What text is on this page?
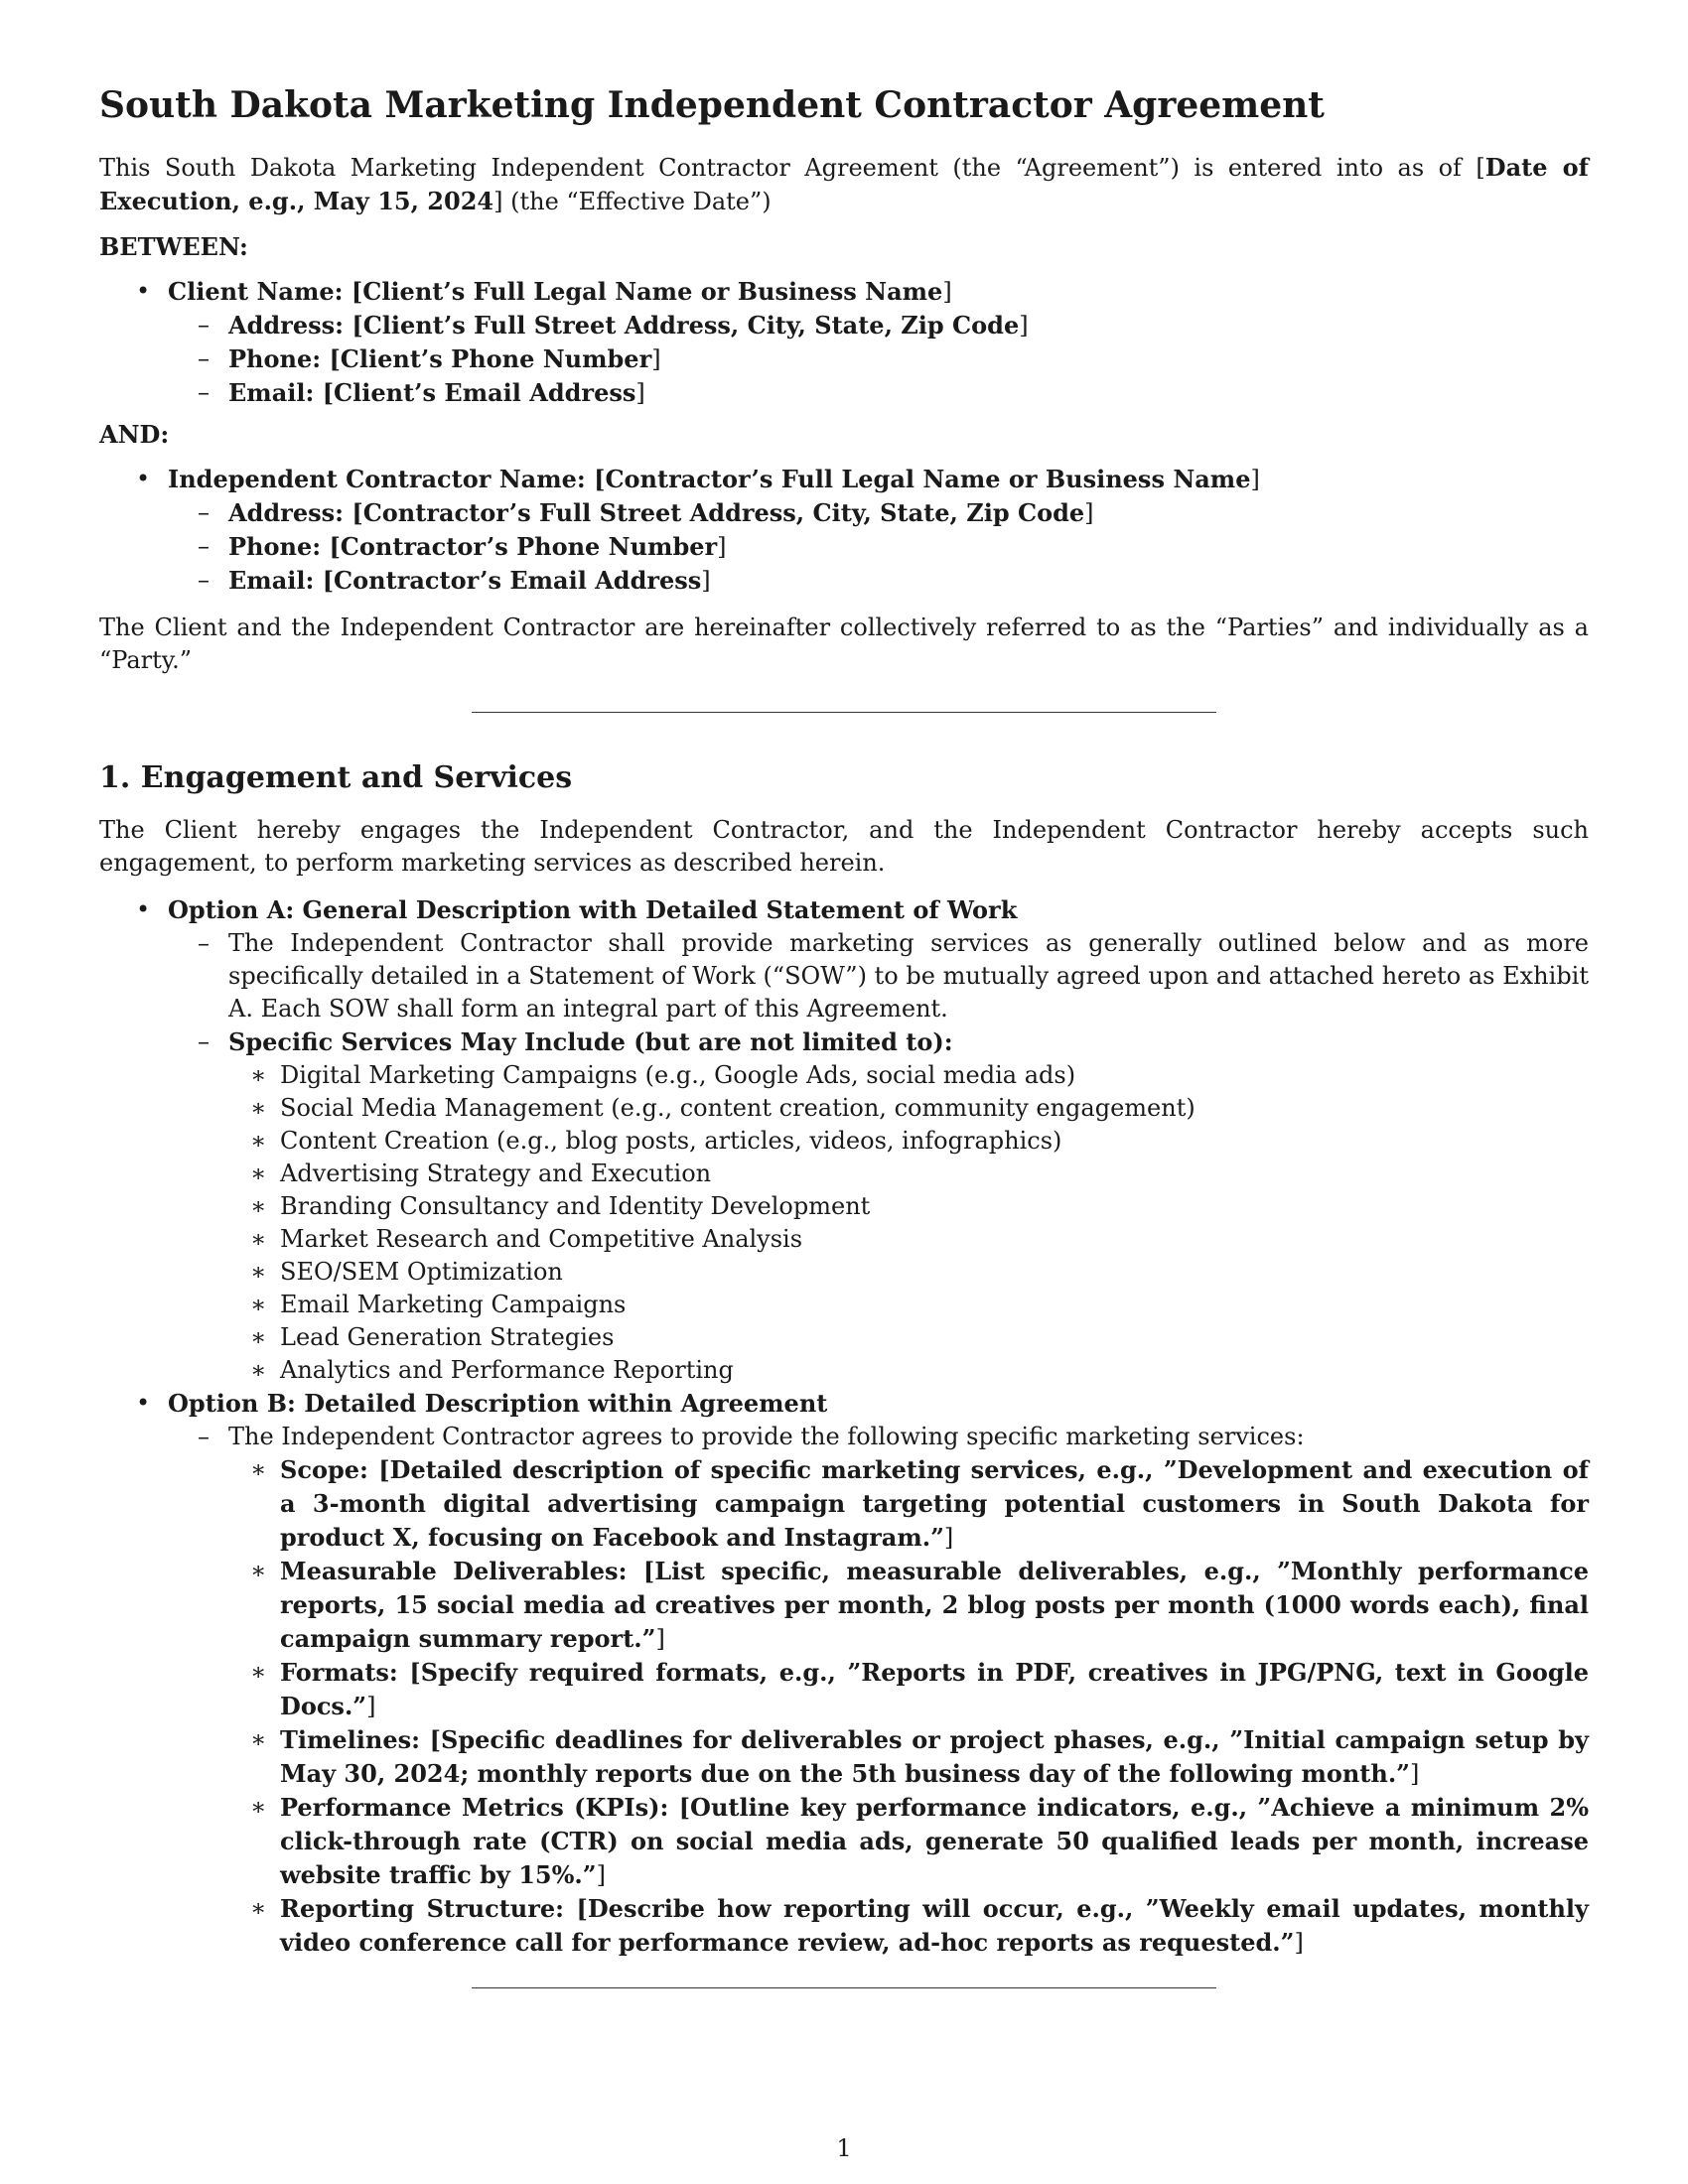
South Dakota Marketing Independent Contractor Agreement

This South Dakota Marketing Independent Contractor Agreement (the “Agreement”) is entered into as of [Date of Execution, e.g., May 15, 2024] (the “Effective Date”)

BETWEEN:
• Client Name: [Client’s Full Legal Name or Business Name]
– Address: [Client’s Full Street Address, City, State, Zip Code]
– Phone: [Client’s Phone Number]
– Email: [Client’s Email Address]
AND:
• Independent Contractor Name: [Contractor’s Full Legal Name or Business Name]
– Address: [Contractor’s Full Street Address, City, State, Zip Code]
– Phone: [Contractor’s Phone Number]
– Email: [Contractor’s Email Address]

The Client and the Independent Contractor are hereinafter collectively referred to as the “Parties” and individually as a “Party.”

1. Engagement and Services

The Client hereby engages the Independent Contractor, and the Independent Contractor hereby accepts such engagement, to perform marketing services as described herein.

• Option A: General Description with Detailed Statement of Work
– The Independent Contractor shall provide marketing services as generally outlined below and as more specifically detailed in a Statement of Work (“SOW”) to be mutually agreed upon and attached hereto as Exhibit A. Each SOW shall form an integral part of this Agreement.
– Specific Services May Include (but are not limited to):
∗ Digital Marketing Campaigns (e.g., Google Ads, social media ads)
∗ Social Media Management (e.g., content creation, community engagement)
∗ Content Creation (e.g., blog posts, articles, videos, infographics)
∗ Advertising Strategy and Execution
∗ Branding Consultancy and Identity Development
∗ Market Research and Competitive Analysis
∗ SEO/SEM Optimization
∗ Email Marketing Campaigns
∗ Lead Generation Strategies
∗ Analytics and Performance Reporting
• Option B: Detailed Description within Agreement
– The Independent Contractor agrees to provide the following specific marketing services:
∗ Scope: [Detailed description of specific marketing services, e.g., ”Development and execution of a 3-month digital advertising campaign targeting potential customers in South Dakota for product X, focusing on Facebook and Instagram.”]
∗ Measurable Deliverables: [List specific, measurable deliverables, e.g., ”Monthly performance reports, 15 social media ad creatives per month, 2 blog posts per month (1000 words each), final campaign summary report.”]
∗ Formats: [Specify required formats, e.g., ”Reports in PDF, creatives in JPG/PNG, text in Google Docs.”]
∗ Timelines: [Specific deadlines for deliverables or project phases, e.g., ”Initial campaign setup by May 30, 2024; monthly reports due on the 5th business day of the following month.”]
∗ Performance Metrics (KPIs): [Outline key performance indicators, e.g., ”Achieve a minimum 2% click-through rate (CTR) on social media ads, generate 50 qualified leads per month, increase website traffic by 15%.”]
∗ Reporting Structure: [Describe how reporting will occur, e.g., ”Weekly email updates, monthly video conference call for performance review, ad-hoc reports as requested.”]
1
